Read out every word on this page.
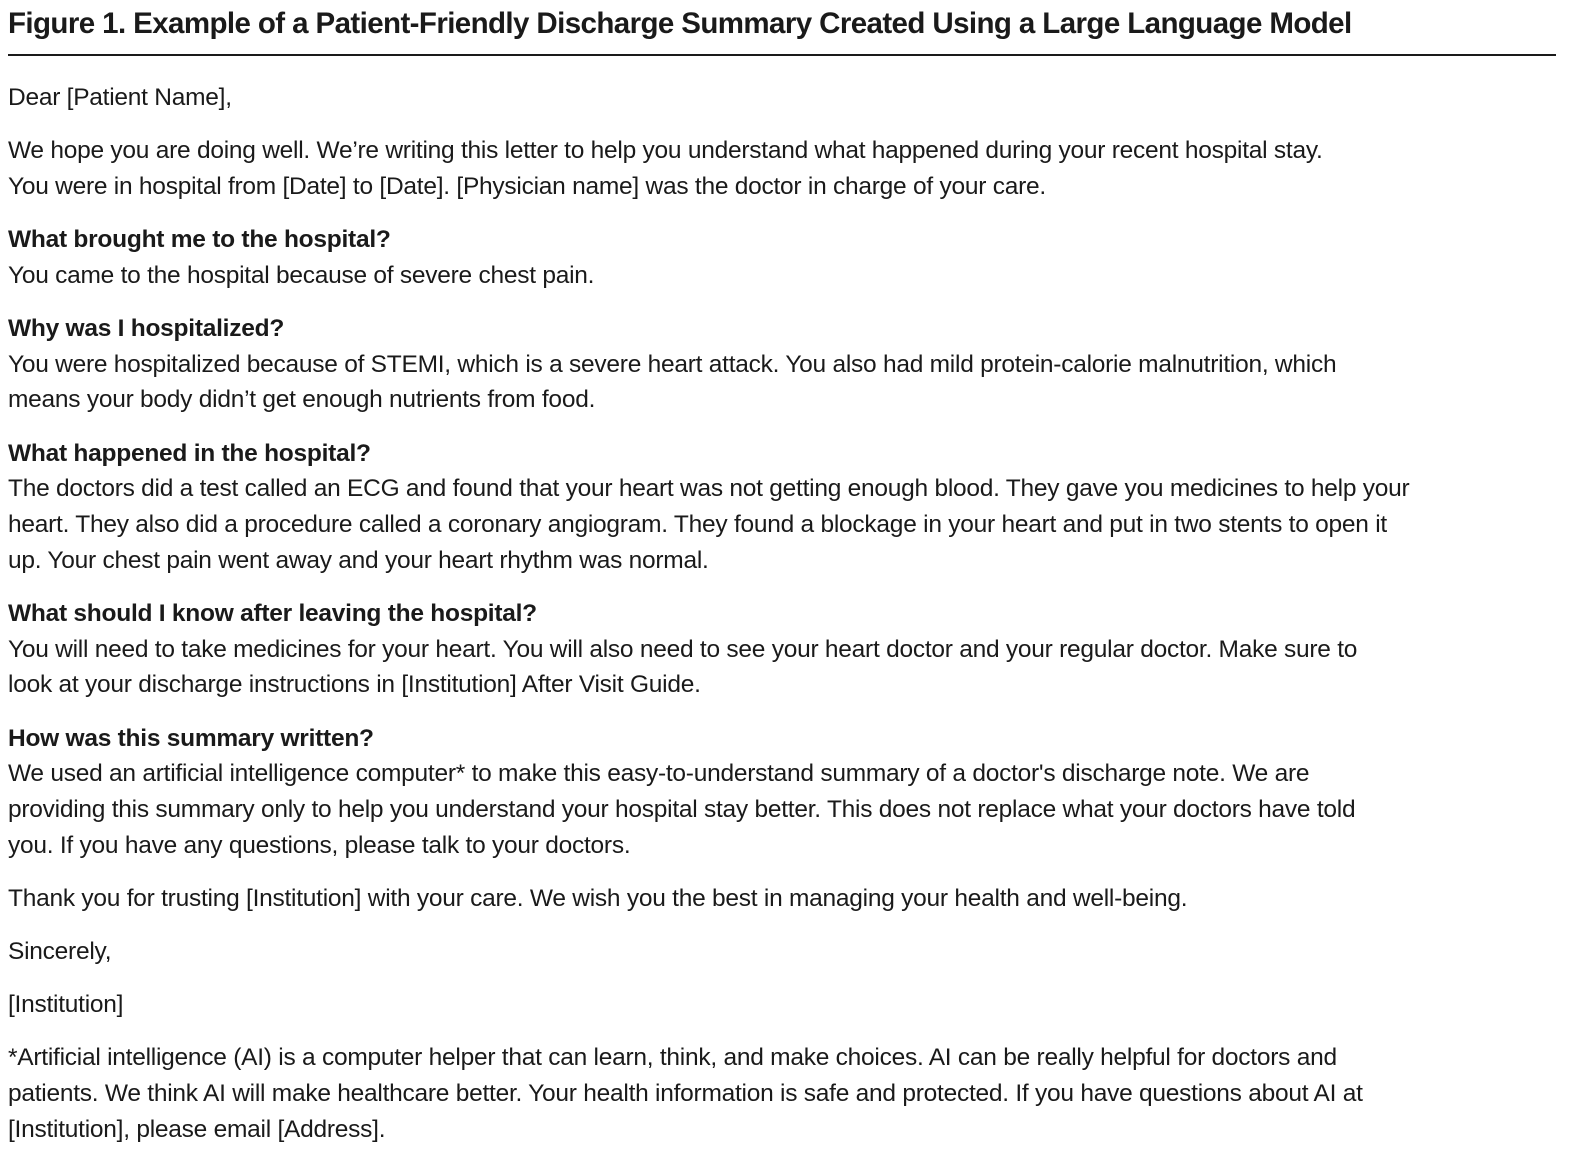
Figure 1. Example of a Patient-Friendly Discharge Summary Created Using a Large Language Model

Dear [Patient Name],

We hope you are doing well. We’re writing this letter to help you understand what happened during your recent hospital stay.
You were in hospital from [Date] to [Date]. [Physician name] was the doctor in charge of your care.

What brought me to the hospital?
You came to the hospital because of severe chest pain.
Why was I hospitalized?
You were hospitalized because of STEMI, which is a severe heart attack. You also had mild protein-calorie malnutrition, which
means your body didn’t get enough nutrients from food.
What happened in the hospital?
The doctors did a test called an ECG and found that your heart was not getting enough blood. They gave you medicines to help your
heart. They also did a procedure called a coronary angiogram. They found a blockage in your heart and put in two stents to open it
up. Your chest pain went away and your heart rhythm was normal.
What should I know after leaving the hospital?
You will need to take medicines for your heart. You will also need to see your heart doctor and your regular doctor. Make sure to
look at your discharge instructions in [Institution] After Visit Guide.
How was this summary written?
We used an artificial intelligence computer* to make this easy-to-understand summary of a doctor's discharge note. We are
providing this summary only to help you understand your hospital stay better. This does not replace what your doctors have told
you. If you have any questions, please talk to your doctors.

Thank you for trusting [Institution] with your care. We wish you the best in managing your health and well-being.

Sincerely,

[Institution]

*Artificial intelligence (AI) is a computer helper that can learn, think, and make choices. AI can be really helpful for doctors and
patients. We think AI will make healthcare better. Your health information is safe and protected. If you have questions about AI at
[Institution], please email [Address].
